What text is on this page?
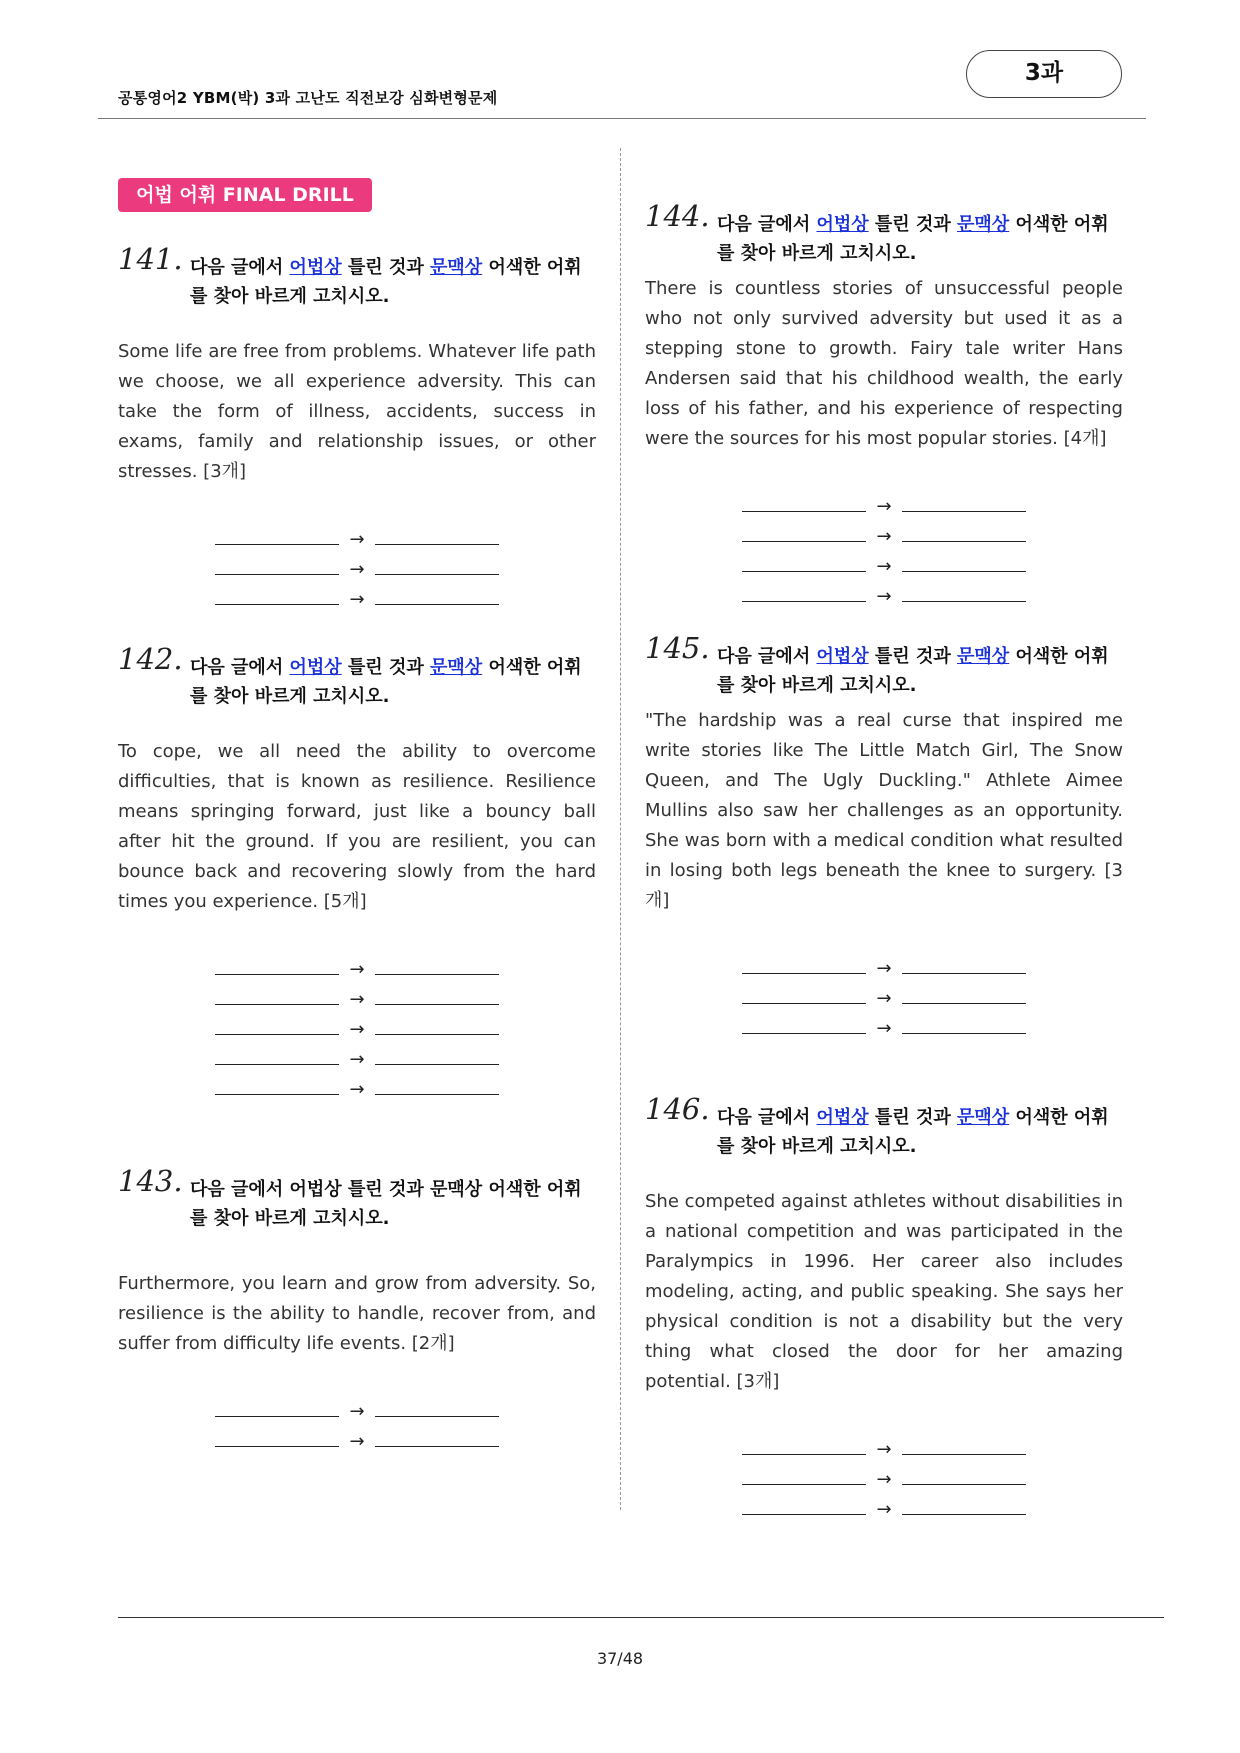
공통영어2 YBM(박) 3과 고난도 직전보강 심화변형문제
3과
어법 어휘 FINAL DRILL
141. 다음 글에서 어법상 틀린 것과 문맥상 어색한 어휘를 찾아 바르게 고치시오.
Some life are free from problems. Whatever life path we choose, we all experience adversity. This can take the form of illness, accidents, success in exams, family and relationship issues, or other stresses. [3개]
→
→
→
142. 다음 글에서 어법상 틀린 것과 문맥상 어색한 어휘를 찾아 바르게 고치시오.
To cope, we all need the ability to overcome difficulties, that is known as resilience. Resilience means springing forward, just like a bouncy ball after hit the ground. If you are resilient, you can bounce back and recovering slowly from the hard times you experience. [5개]
→
→
→
→
→
143. 다음 글에서 어법상 틀린 것과 문맥상 어색한 어휘를 찾아 바르게 고치시오.
Furthermore, you learn and grow from adversity. So, resilience is the ability to handle, recover from, and suffer from difficulty life events. [2개]
→
→
144. 다음 글에서 어법상 틀린 것과 문맥상 어색한 어휘를 찾아 바르게 고치시오.
There is countless stories of unsuccessful people who not only survived adversity but used it as a stepping stone to growth. Fairy tale writer Hans Andersen said that his childhood wealth, the early loss of his father, and his experience of respecting were the sources for his most popular stories. [4개]
→
→
→
→
145. 다음 글에서 어법상 틀린 것과 문맥상 어색한 어휘를 찾아 바르게 고치시오.
"The hardship was a real curse that inspired me write stories like The Little Match Girl, The Snow Queen, and The Ugly Duckling." Athlete Aimee Mullins also saw her challenges as an opportunity. She was born with a medical condition what resulted in losing both legs beneath the knee to surgery. [3개]
→
→
→
146. 다음 글에서 어법상 틀린 것과 문맥상 어색한 어휘를 찾아 바르게 고치시오.
She competed against athletes without disabilities in a national competition and was participated in the Paralympics in 1996. Her career also includes modeling, acting, and public speaking. She says her physical condition is not a disability but the very thing what closed the door for her amazing potential. [3개]
→
→
→
37/48
